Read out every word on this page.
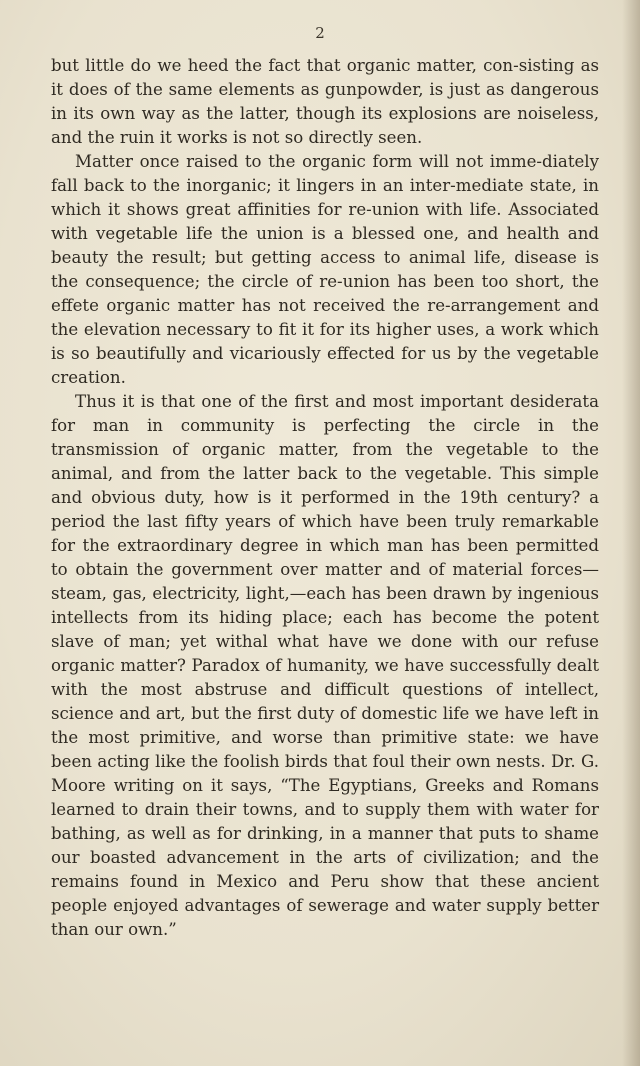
2

but little do we heed the fact that organic matter, con-sisting as it does of the same elements as gunpowder, is just as dangerous in its own way as the latter, though its explosions are noiseless, and the ruin it works is not so directly seen.

Matter once raised to the organic form will not imme-diately fall back to the inorganic; it lingers in an inter-mediate state, in which it shows great affinities for re-union with life. Associated with vegetable life the union is a blessed one, and health and beauty the result; but getting access to animal life, disease is the consequence; the circle of re-union has been too short, the effete organic matter has not received the re-arrangement and the elevation necessary to fit it for its higher uses, a work which is so beautifully and vicariously effected for us by the vegetable creation.

Thus it is that one of the first and most important desiderata for man in community is perfecting the circle in the transmission of organic matter, from the vegetable to the animal, and from the latter back to the vegetable. This simple and obvious duty, how is it performed in the 19th century? a period the last fifty years of which have been truly remarkable for the extraordinary degree in which man has been permitted to obtain the government over matter and of material forces—steam, gas, electricity, light,—each has been drawn by ingenious intellects from its hiding place; each has become the potent slave of man; yet withal what have we done with our refuse organic matter? Paradox of humanity, we have successfully dealt with the most abstruse and difficult questions of intellect, science and art, but the first duty of domestic life we have left in the most primitive, and worse than primitive state: we have been acting like the foolish birds that foul their own nests. Dr. G. Moore writing on it says, “The Egyptians, Greeks and Romans learned to drain their towns, and to supply them with water for bathing, as well as for drinking, in a manner that puts to shame our boasted advancement in the arts of civilization; and the remains found in Mexico and Peru show that these ancient people enjoyed advantages of sewerage and water supply better than our own.”
